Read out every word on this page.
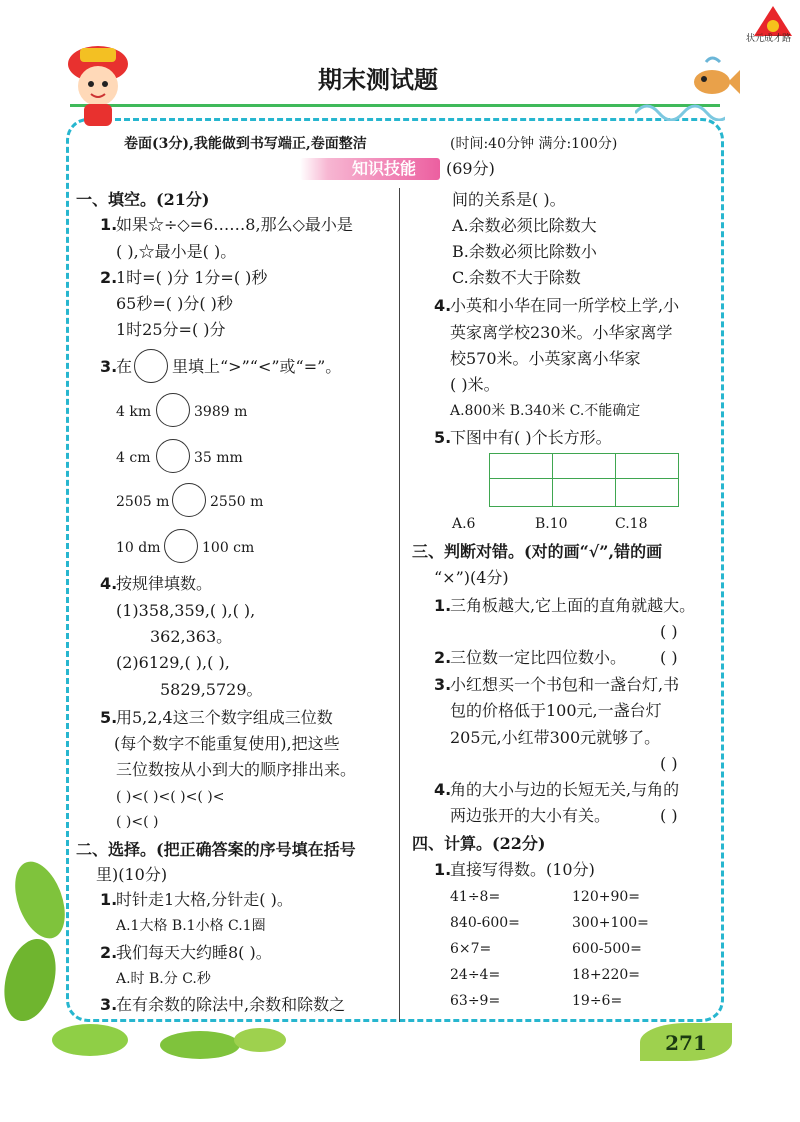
状元成才路
期末测试题
卷面(3分),我能做到书写端正,卷面整洁	(时间:40分钟 满分:100分)
知识技能 (69分)
一、填空。(21分)
1.
如果☆÷◇=6……8,那么◇最小是
( ),☆最小是( )。
2.
1时=( )分 1分=( )秒
65秒=( )分( )秒
1时25分=( )分
3.
在 里填上“>”“<”或“=”。
4 km	3989 m
4 cm	35 mm
2505 m	2550 m
10 dm	100 cm
4.
按规律填数。
(1)358,359,( ),( ),
362,363。
(2)6129,( ),( ),
5829,5729。
5.
用5,2,4这三个数字组成三位数
(每个数字不能重复使用),把这些
三位数按从小到大的顺序排出来。
( )<( )<( )<( )<
( )<( )
二、选择。(把正确答案的序号填在括号
里)(10分)
1.
时针走1大格,分针走( )。
A.1大格 B.1小格 C.1圈
2.
我们每天大约睡8( )。
A.时 B.分 C.秒
3.
在有余数的除法中,余数和除数之
间的关系是( )。
A.余数必须比除数大
B.余数必须比除数小
C.余数不大于除数
4.
小英和小华在同一所学校上学,小
英家离学校230米。小华家离学
校570米。小英家离小华家
( )米。
A.800米 B.340米 C.不能确定
5.
下图中有( )个长方形。
A.6	B.10	C.18
三、判断对错。(对的画“√”,错的画
“×”)(4分)
1.
三角板越大,它上面的直角就越大。
( )
2.
三位数一定比四位数小。 ( )
3.
小红想买一个书包和一盏台灯,书
包的价格低于100元,一盏台灯
205元,小红带300元就够了。
( )
4.
角的大小与边的长短无关,与角的
两边张开的大小有关。	( )
四、计算。(22分)
1.
直接写得数。(10分)
41÷8=	120+90=
840-600=	300+100=
6×7=	600-500=
24÷4=	18+220=
63÷9=	19÷6=
271
